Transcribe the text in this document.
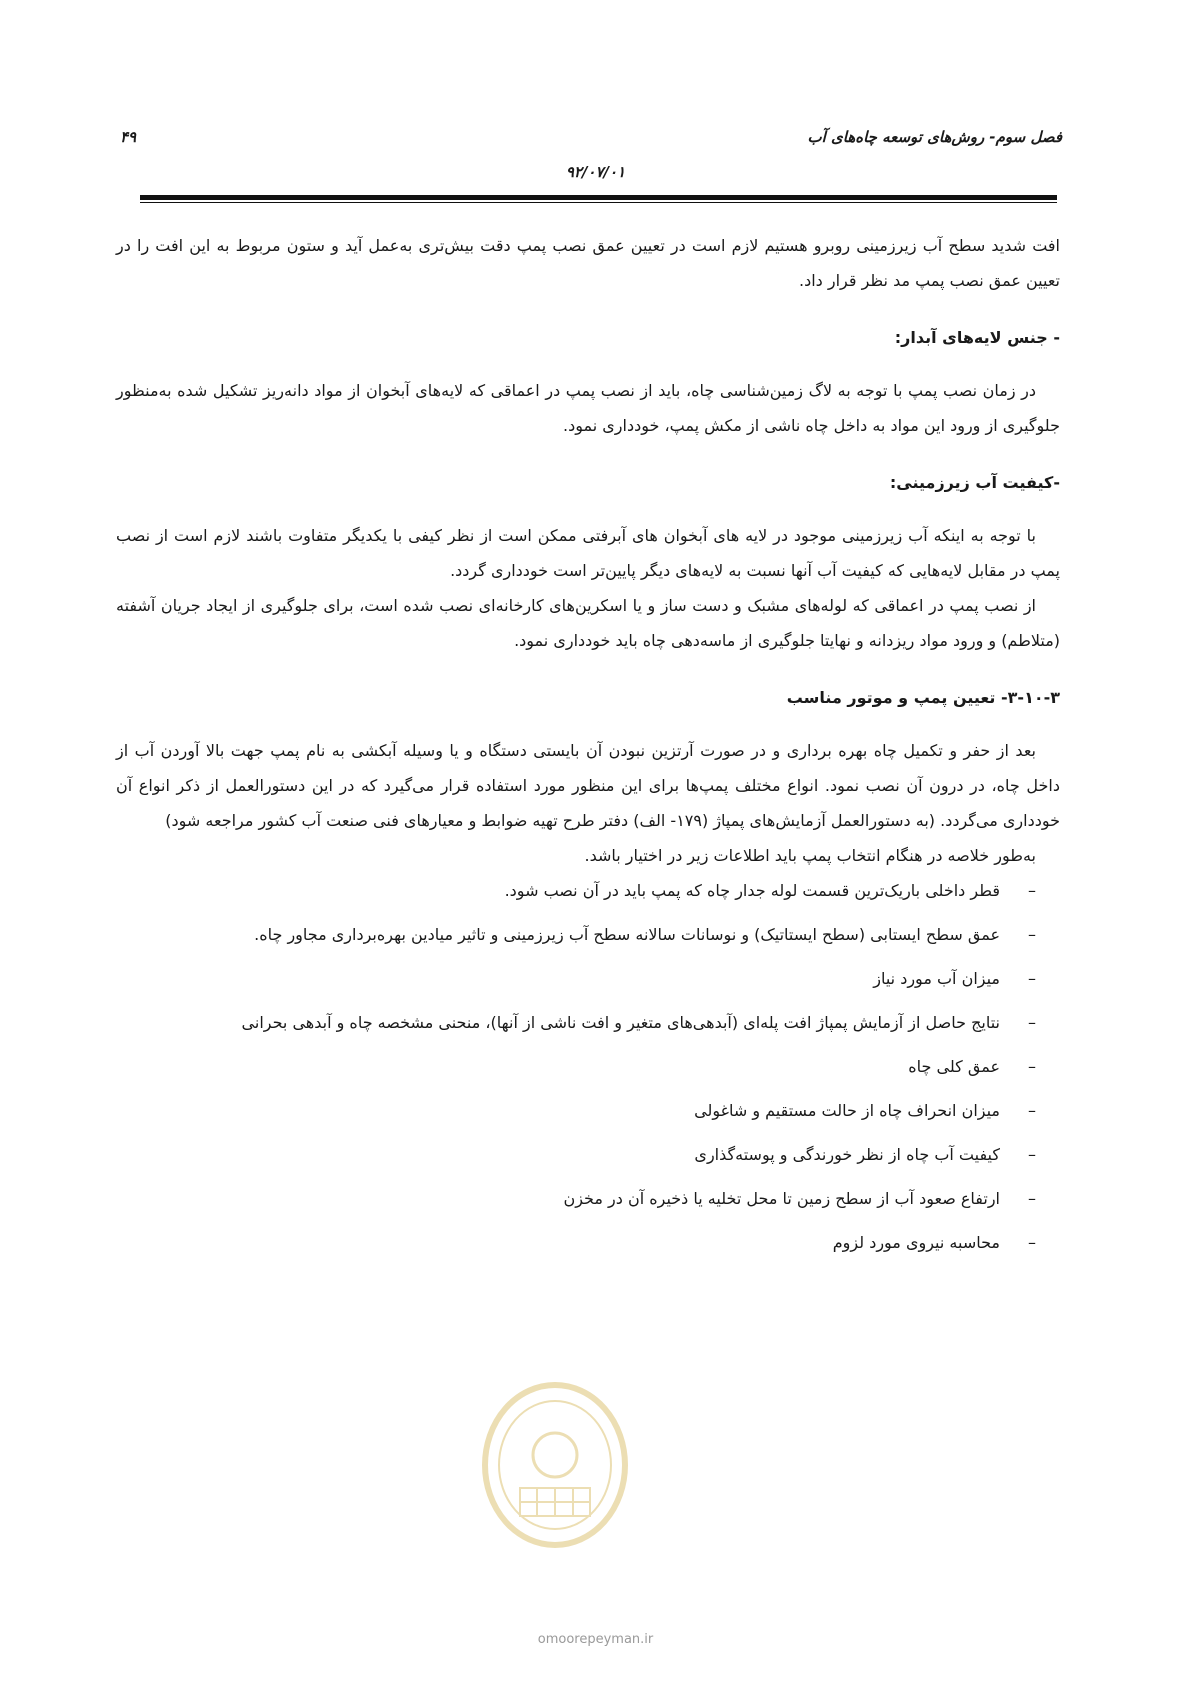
فصل سوم- روش‌های توسعه چاه‌های آب
۴۹
۹۲/۰۷/۰۱

افت شدید سطح آب زیرزمینی روبرو هستیم لازم است در تعیین عمق نصب پمپ دقت بیش‌تری به‌عمل آید و ستون مربوط به این افت را در تعیین عمق نصب پمپ مد نظر قرار داد.

- جنس لایه‌های آبدار:

در زمان نصب پمپ با توجه به لاگ زمین‌شناسی چاه، باید از نصب پمپ در اعماقی که لایه‌های آبخوان از مواد دانه‌ریز تشکیل شده به‌منظور جلوگیری از ورود این مواد به داخل چاه ناشی از مکش پمپ، خودداری نمود.

-کیفیت آب زیرزمینی:

با توجه به اینکه آب زیرزمینی موجود در لایه های آبخوان های آبرفتی ممکن است از نظر کیفی با یکدیگر متفاوت باشند لازم است از نصب پمپ در مقابل لایه‌هایی که کیفیت آب آنها نسبت به لایه‌های دیگر پایین‌تر است خودداری گردد.

از نصب پمپ در اعماقی که لوله‌های مشبک و دست ساز و یا اسکرین‌های کارخانه‌ای نصب شده است، برای جلوگیری از ایجاد جریان آشفته (متلاطم) و ورود مواد ریزدانه و نهایتا جلوگیری از ماسه‌دهی چاه باید خودداری نمود.

۳-۱۰-۳- تعیین پمپ و موتور مناسب

بعد از حفر و تکمیل چاه بهره برداری و در صورت آرتزین نبودن آن بایستی دستگاه و یا وسیله آبکشی به نام پمپ جهت بالا آوردن آب از داخل چاه، در درون آن نصب نمود. انواع مختلف پمپ‌ها برای این منظور مورد استفاده قرار می‌گیرد که در این دستورالعمل از ذکر انواع آن خودداری می‌گردد. (به دستورالعمل آزمایش‌های پمپاژ (۱۷۹- الف) دفتر طرح تهیه ضوابط و معیارهای فنی صنعت آب کشور مراجعه شود)

به‌طور خلاصه در هنگام انتخاب پمپ باید اطلاعات زیر در اختیار باشد.

–
قطر داخلی باریک‌ترین قسمت لوله جدار چاه که پمپ باید در آن نصب شود.
–
عمق سطح ایستابی (سطح ایستاتیک) و نوسانات سالانه سطح آب زیرزمینی و تاثیر میادین بهره‌برداری مجاور چاه.
–
میزان آب مورد نیاز
–
نتایج حاصل از آزمایش پمپاژ افت پله‌ای (آبدهی‌های متغیر و افت ناشی از آنها)، منحنی مشخصه چاه و آبدهی بحرانی
–
عمق کلی چاه
–
میزان انحراف چاه از حالت مستقیم و شاغولی
–
کیفیت آب چاه از نظر خورندگی و پوسته‌گذاری
–
ارتفاع صعود آب از سطح زمین تا محل تخلیه یا ذخیره آن در مخزن
–
محاسبه نیروی مورد لزوم
omoorepeyman.ir
